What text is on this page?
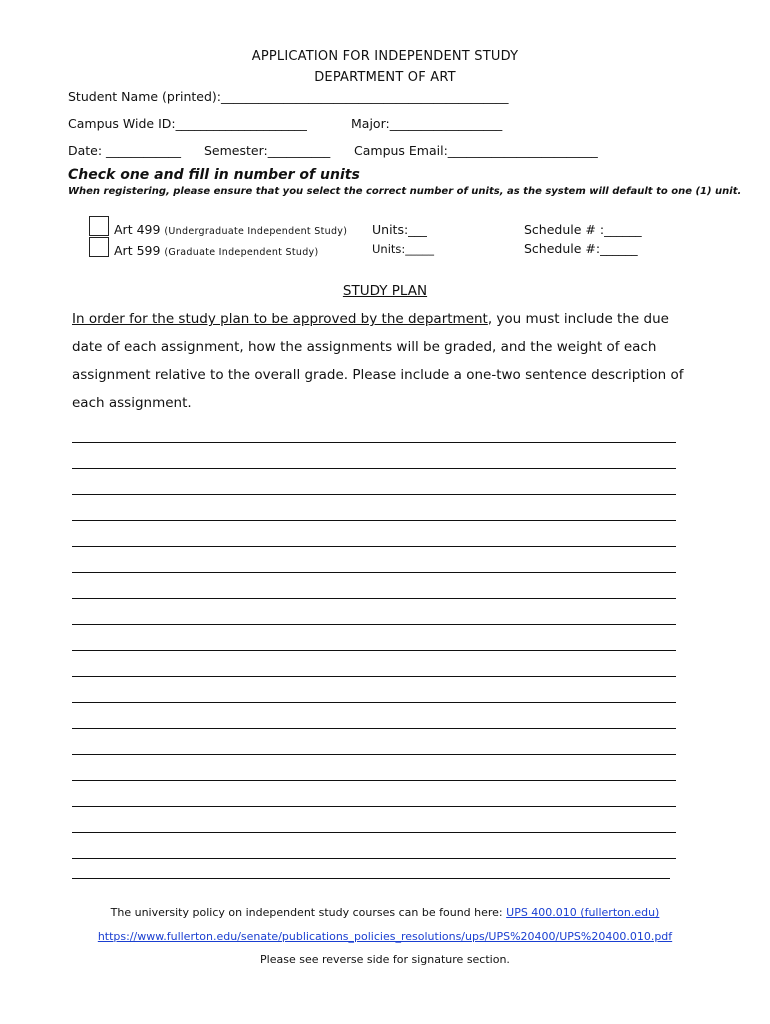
APPLICATION FOR INDEPENDENT STUDY
DEPARTMENT OF ART
Student Name (printed):______________________________________________
Campus Wide ID:_____________________	Major:__________________
Date: ____________ Semester:__________ Campus Email:________________________
Check one and fill in number of units
When registering, please ensure that you select the correct number of units, as the system will default to one (1) unit.
Art 499 (Undergraduate Independent Study)
Art 599 (Graduate Independent Study)
Units:___
Units:_____
Schedule # :______
Schedule #:______
STUDY PLAN
In order for the study plan to be approved by the department, you must include the due date of each assignment, how the assignments will be graded, and the weight of each assignment relative to the overall grade. Please include a one-two sentence description of each assignment.
The university policy on independent study courses can be found here: UPS 400.010 (fullerton.edu)
https://www.fullerton.edu/senate/publications_policies_resolutions/ups/UPS%20400/UPS%20400.010.pdf
Please see reverse side for signature section.
